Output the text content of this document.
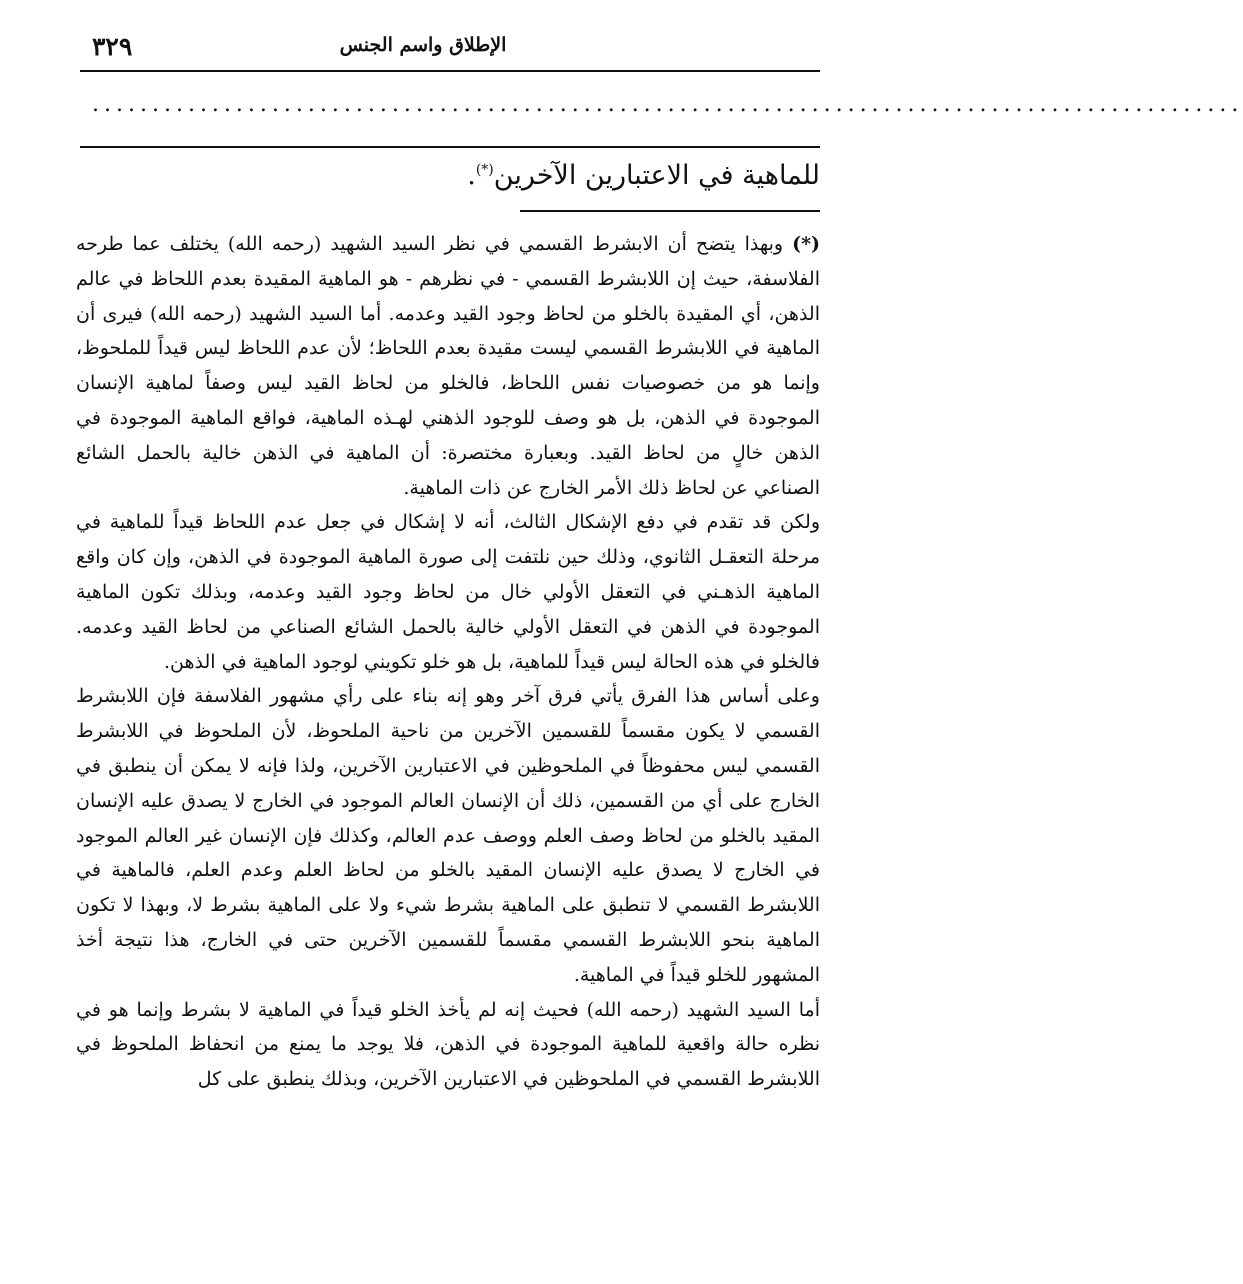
٣٢٩	الإطلاق واسم الجنس
................................................................................................
للماهية في الاعتبارين الآخرين(*).

(*) وبهذا يتضح أن الابشرط القسمي في نظر السيد الشهيد (رحمه الله) يختلف عما طرحه الفلاسفة، حيث إن اللابشرط القسمي - في نظرهم - هو الماهية المقيدة بعدم اللحاظ في عالم الذهن، أي المقيدة بالخلو من لحاظ وجود القيد وعدمه. أما السيد الشهيد (رحمه الله) فيرى أن الماهية في اللابشرط القسمي ليست مقيدة بعدم اللحاظ؛ لأن عدم اللحاظ ليس قيداً للملحوظ، وإنما هو من خصوصيات نفس اللحاظ، فالخلو من لحاظ القيد ليس وصفاً لماهية الإنسان الموجودة في الذهن، بل هو وصف للوجود الذهني لهـذه الماهية، فواقع الماهية الموجودة في الذهن خالٍ من لحاظ القيد. وبعبارة مختصرة: أن الماهية في الذهن خالية بالحمل الشائع الصناعي عن لحاظ ذلك الأمر الخارج عن ذات الماهية.

ولكن قد تقدم في دفع الإشكال الثالث، أنه لا إشكال في جعل عدم اللحاظ قيداً للماهية في مرحلة التعقـل الثانوي، وذلك حين نلتفت إلى صورة الماهية الموجودة في الذهن، وإن كان واقع الماهية الذهـني في التعقل الأولي خال من لحاظ وجود القيد وعدمه، وبذلك تكون الماهية الموجودة في الذهن في التعقل الأولي خالية بالحمل الشائع الصناعي من لحاظ القيد وعدمه. فالخلو في هذه الحالة ليس قيداً للماهية، بل هو خلو تكويني لوجود الماهية في الذهن.

وعلى أساس هذا الفرق يأتي فرق آخر وهو إنه بناء على رأي مشهور الفلاسفة فإن اللابشرط القسمي لا يكون مقسماً للقسمين الآخرين من ناحية الملحوظ، لأن الملحوظ في اللابشرط القسمي ليس محفوظاً في الملحوظين في الاعتبارين الآخرين، ولذا فإنه لا يمكن أن ينطبق في الخارج على أي من القسمين، ذلك أن الإنسان العالم الموجود في الخارج لا يصدق عليه الإنسان المقيد بالخلو من لحاظ وصف العلم ووصف عدم العالم، وكذلك فإن الإنسان غير العالم الموجود في الخارج لا يصدق عليه الإنسان المقيد بالخلو من لحاظ العلم وعدم العلم، فالماهية في اللابشرط القسمي لا تنطبق على الماهية بشرط شيء ولا على الماهية بشرط لا، وبهذا لا تكون الماهية بنحو اللابشرط القسمي مقسماً للقسمين الآخرين حتى في الخارج، هذا نتيجة أخذ المشهور للخلو قيداً في الماهية.

أما السيد الشهيد (رحمه الله) فحيث إنه لم يأخذ الخلو قيداً في الماهية لا بشرط وإنما هو في نظره حالة واقعية للماهية الموجودة في الذهن، فلا يوجد ما يمنع من انحفاظ الملحوظ في اللابشرط القسمي في الملحوظين في الاعتبارين الآخرين، وبذلك ينطبق على كل
